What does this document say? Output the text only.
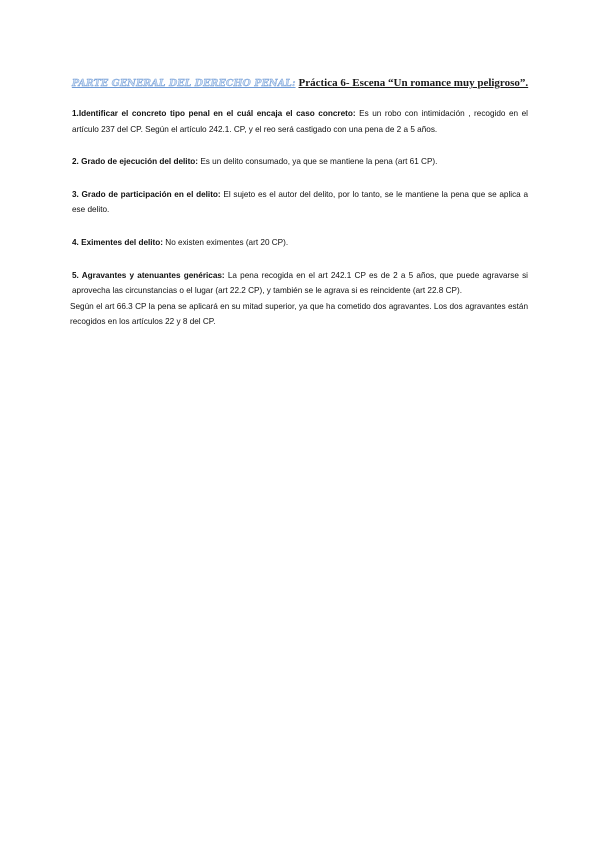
PARTE GENERAL DEL DERECHO PENAL: Práctica 6- Escena “Un romance muy peligroso”.

1.Identificar el concreto tipo penal en el cuál encaja el caso concreto: Es un robo con intimidación , recogido en el artículo 237 del CP. Según el artículo 242.1. CP, y el reo será castigado con una pena de 2 a 5 años.

2. Grado de ejecución del delito: Es un delito consumado, ya que se mantiene la pena (art 61 CP).

3. Grado de participación en el delito: El sujeto es el autor del delito, por lo tanto, se le mantiene la pena que se aplica a ese delito.

4. Eximentes del delito: No existen eximentes (art 20 CP).

5. Agravantes y atenuantes genéricas: La pena recogida en el art 242.1 CP es de 2 a 5 años, que puede agravarse si aprovecha las circunstancias o el lugar (art 22.2 CP), y también se le agrava si es reincidente (art 22.8 CP).

Según el art 66.3 CP la pena se aplicará en su mitad superior, ya que ha cometido dos agravantes. Los dos agravantes están recogidos en los artículos 22 y 8 del CP.
